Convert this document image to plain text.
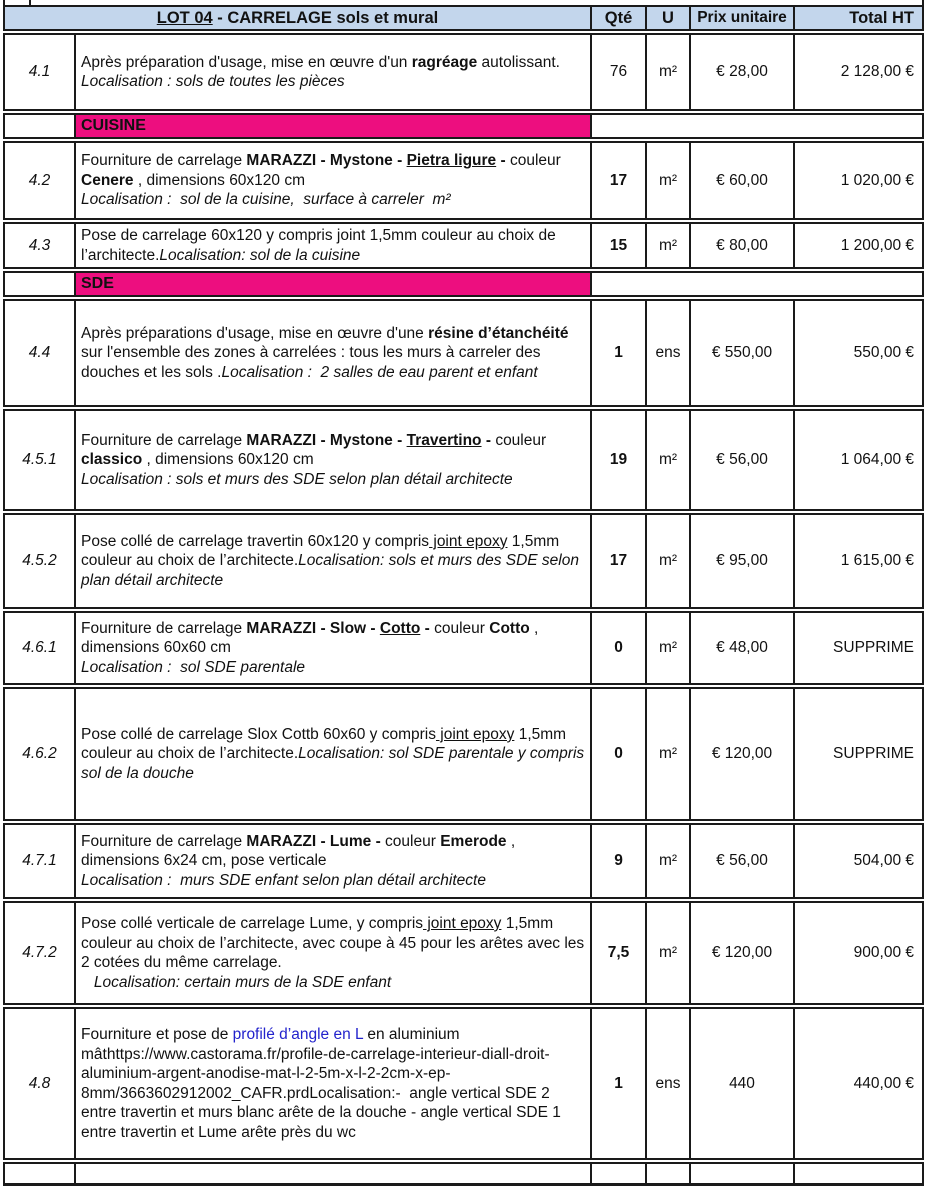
LOT 04 - CARRELAGE sols et mural	Qté	U	Prix unitaire	Total HT
4.1
Après préparation d'usage, mise en œuvre d'un ragréage autolissant.
Localisation : sols de toutes les pièces
76	m²	€ 28,00	2 128,00 €
CUISINE
4.2
Fourniture de carrelage MARAZZI - Mystone - Pietra ligure - couleur Cenere , dimensions 60x120 cm
Localisation :  sol de la cuisine,  surface à carreler  m²
17	m²	€ 60,00	1 020,00 €
4.3
Pose de carrelage 60x120 y compris joint 1,5mm couleur au choix de l’architecte.Localisation: sol de la cuisine
15	m²	€ 80,00	1 200,00 €
SDE
4.4
Après préparations d'usage, mise en œuvre d'une résine d’étanchéité sur l'ensemble des zones à carrelées : tous les murs à carreler des douches et les sols .Localisation :  2 salles de eau parent et enfant
1	ens	€ 550,00	550,00 €
4.5.1
Fourniture de carrelage MARAZZI - Mystone - Travertino - couleur classico , dimensions 60x120 cm
Localisation : sols et murs des SDE selon plan détail architecte
19	m²	€ 56,00	1 064,00 €
4.5.2
Pose collé de carrelage travertin 60x120 y compris joint epoxy 1,5mm couleur au choix de l’architecte.Localisation: sols et murs des SDE selon plan détail architecte
17	m²	€ 95,00	1 615,00 €
4.6.1
Fourniture de carrelage MARAZZI - Slow - Cotto - couleur Cotto , dimensions 60x60 cm
Localisation :  sol SDE parentale
0	m²	€ 48,00	SUPPRIME
4.6.2
Pose collé de carrelage Slox Cottb 60x60 y compris joint epoxy 1,5mm couleur au choix de l’architecte.Localisation: sol SDE parentale y compris sol de la douche
0	m²	€ 120,00	SUPPRIME
4.7.1
Fourniture de carrelage MARAZZI - Lume - couleur Emerode , dimensions 6x24 cm, pose verticale
Localisation :  murs SDE enfant selon plan détail architecte
9	m²	€ 56,00	504,00 €
4.7.2
Pose collé verticale de carrelage Lume, y compris joint epoxy 1,5mm couleur au choix de l’architecte, avec coupe à 45 pour les arêtes avec les 2 cotées du même carrelage.
Localisation: certain murs de la SDE enfant
7,5	m²	€ 120,00	900,00 €
4.8
Fourniture et pose de profilé d’angle en L en aluminium mâthttps://www.castorama.fr/profile-de-carrelage-interieur-diall-droit-aluminium-argent-anodise-mat-l-2-5m-x-l-2-2cm-x-ep-8mm/3663602912002_CAFR.prdLocalisation:-  angle vertical SDE 2 entre travertin et murs blanc arête de la douche - angle vertical SDE 1 entre travertin et Lume arête près du wc
1	ens	440	440,00 €
